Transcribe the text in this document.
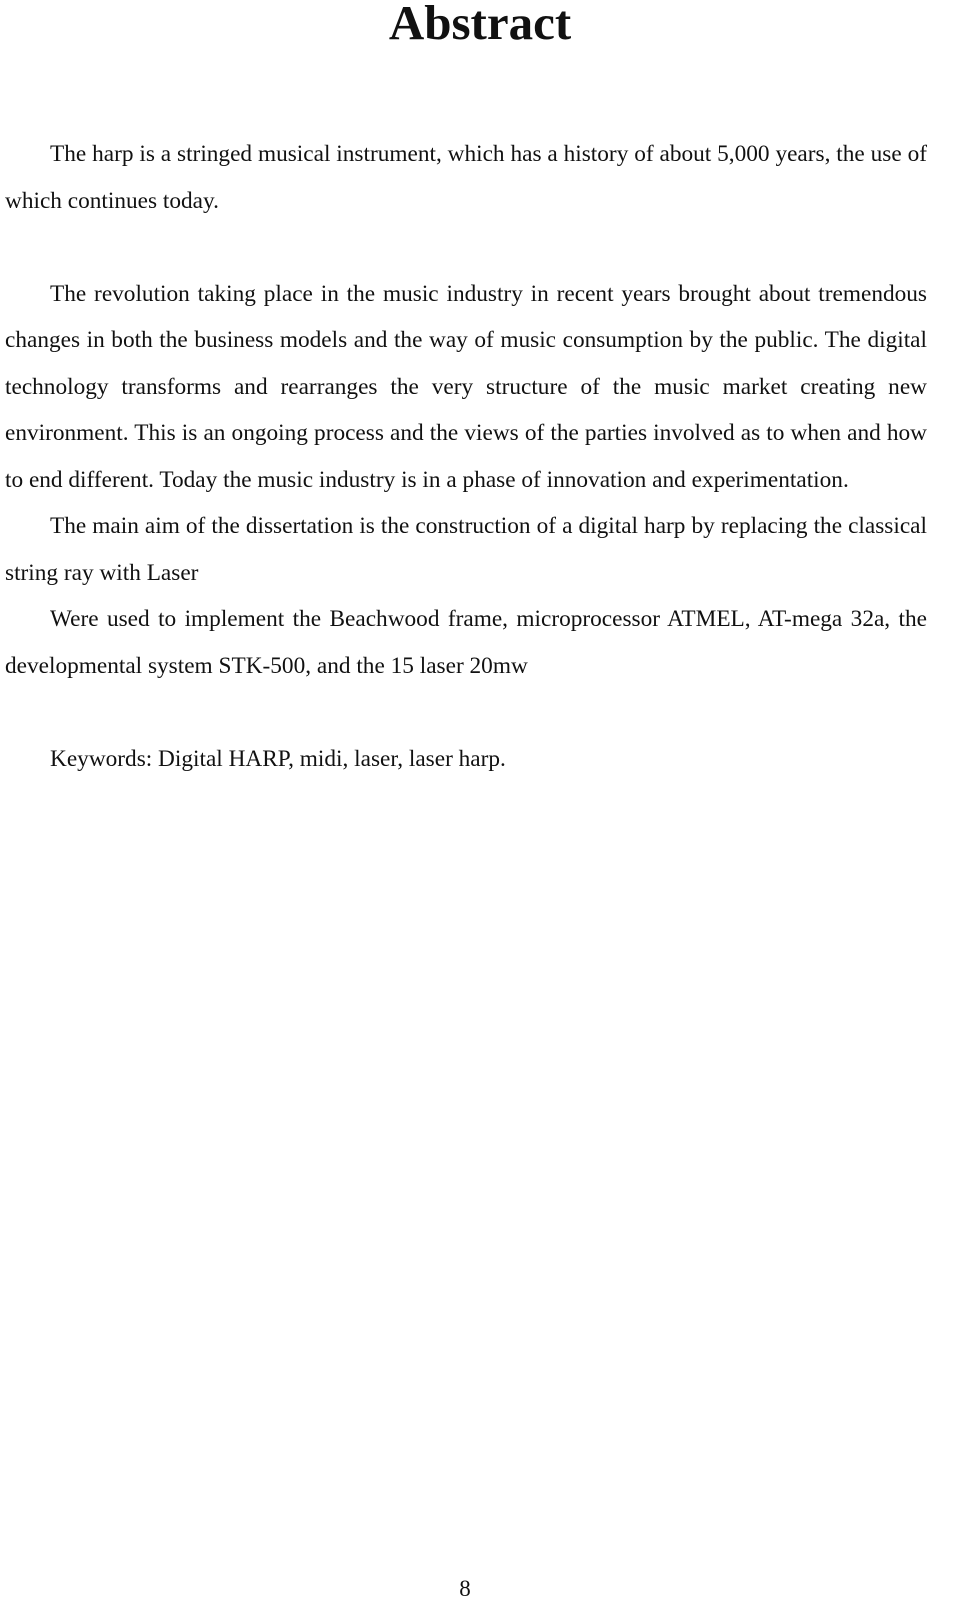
Abstract

The harp is a stringed musical instrument, which has a history of about 5,000 years, the use of which continues today.

The revolution taking place in the music industry in recent years brought about tremendous changes in both the business models and the way of music consumption by the public. The digital technology transforms and rearranges the very structure of the music market creating new environment. This is an ongoing process and the views of the parties involved as to when and how to end different. Today the music industry is in a phase of innovation and experimentation.

The main aim of the dissertation is the construction of a digital harp by replacing the classical string ray with Laser

Were used to implement the Beachwood frame, microprocessor ATMEL, AT-mega 32a, the developmental system STK-500, and the 15 laser 20mw

Keywords: Digital HARP, midi, laser, laser harp.

8
